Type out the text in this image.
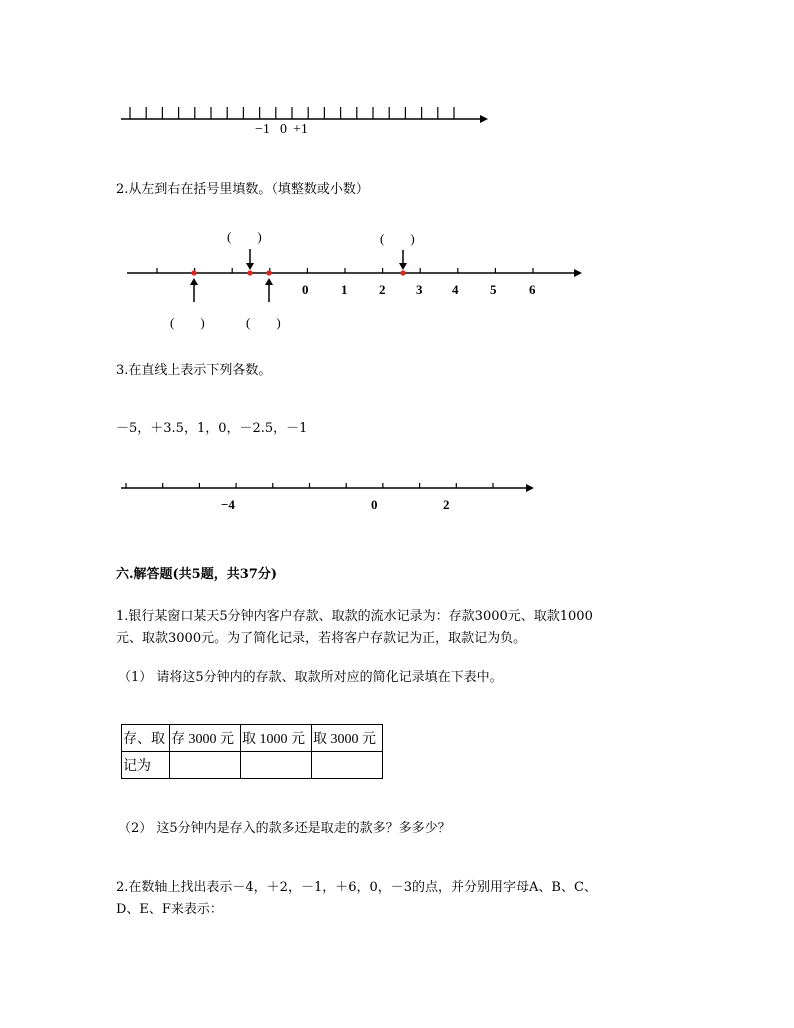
−1 0 +1
2.从左到右在括号里填数。（填整数或小数）
(　　)	(　　)
(　　)	(　　)
0	1 2 3 4 5	6
3.在直线上表示下列各数。
－5，＋3.5，1，0，－2.5，－1
−4	0	2
六.解答题(共5题，共37分)
1.银行某窗口某天5分钟内客户存款、取款的流水记录为：存款3000元、取款1000
元、取款3000元。为了简化记录，若将客户存款记为正，取款记为负。
（1） 请将这5分钟内的存款、取款所对应的简化记录填在下表中。
存、取	存 3000 元	取 1000 元	取 3000 元
记为			
（2） 这5分钟内是存入的款多还是取走的款多？多多少？
2.在数轴上找出表示－4，＋2，－1，＋6，0，－3的点，并分别用字母A、B、C、
D、E、F来表示：
